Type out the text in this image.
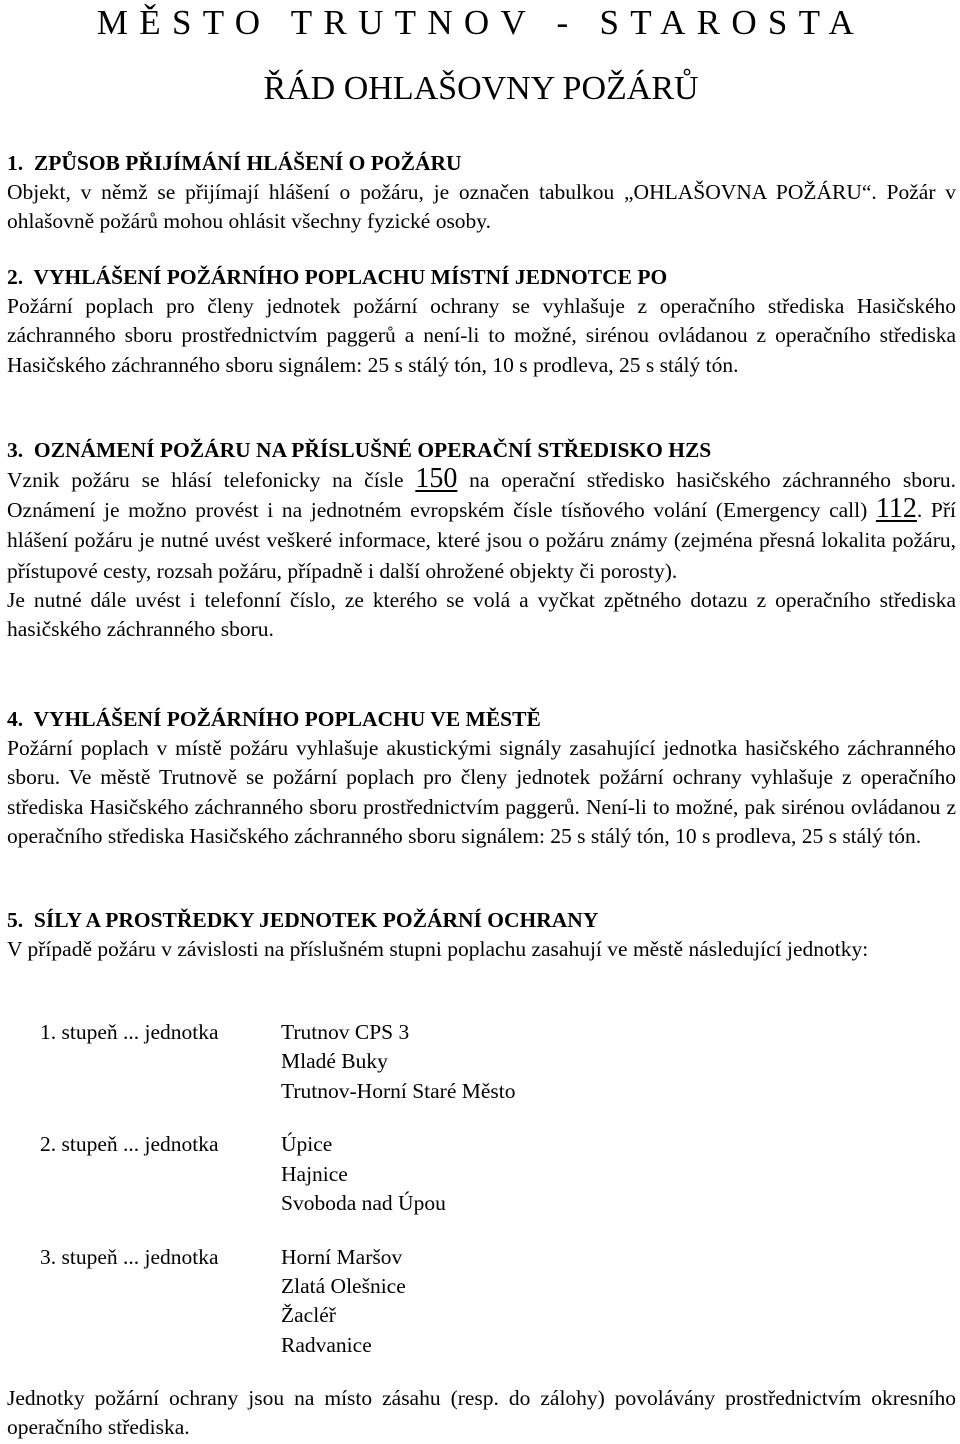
MĚSTO TRUTNOV - STAROSTA
ŘÁD OHLAŠOVNY POŽÁRŮ
1. ZPŮSOB PŘIJÍMÁNÍ HLÁŠENÍ O POŽÁRU

Objekt, v němž se přijímají hlášení o požáru, je označen tabulkou „OHLAŠOVNA POŽÁRU“. Požár v ohlašovně požárů mohou ohlásit všechny fyzické osoby.

2. VYHLÁŠENÍ POŽÁRNÍHO POPLACHU MÍSTNÍ JEDNOTCE PO

Požární poplach pro členy jednotek požární ochrany se vyhlašuje z operačního střediska Hasičského záchranného sboru prostřednictvím paggerů a není-li to možné, sirénou ovládanou z operačního střediska Hasičského záchranného sboru signálem: 25 s stálý tón, 10 s prodleva, 25 s stálý tón.

3. OZNÁMENÍ POŽÁRU NA PŘÍSLUŠNÉ OPERAČNÍ STŘEDISKO HZS

Vznik požáru se hlásí telefonicky na čísle 150 na operační středisko hasičského záchranného sboru. Oznámení je možno provést i na jednotném evropském čísle tísňového volání (Emergency call) 112. Pří hlášení požáru je nutné uvést veškeré informace, které jsou o požáru známy (zejména přesná lokalita požáru, přístupové cesty, rozsah požáru, případně i další ohrožené objekty či porosty).

Je nutné dále uvést i telefonní číslo, ze kterého se volá a vyčkat zpětného dotazu z operačního střediska hasičského záchranného sboru.

4. VYHLÁŠENÍ POŽÁRNÍHO POPLACHU VE MĚSTĚ

Požární poplach v místě požáru vyhlašuje akustickými signály zasahující jednotka hasičského záchranného sboru. Ve městě Trutnově se požární poplach pro členy jednotek požární ochrany vyhlašuje z operačního střediska Hasičského záchranného sboru prostřednictvím paggerů. Není-li to možné, pak sirénou ovládanou z operačního střediska Hasičského záchranného sboru signálem: 25 s stálý tón, 10 s prodleva, 25 s stálý tón.

5. SÍLY A PROSTŘEDKY JEDNOTEK POŽÁRNÍ OCHRANY

V případě požáru v závislosti na příslušném stupni poplachu zasahují ve městě následující jednotky:

1. stupeň ... jednotka	Trutnov CPS 3
Mladé Buky
Trutnov-Horní Staré Město
2. stupeň ... jednotka	Úpice
Hajnice
Svoboda nad Úpou
3. stupeň ... jednotka	Horní Maršov
Zlatá Olešnice
Žacléř
Radvanice

Jednotky požární ochrany jsou na místo zásahu (resp. do zálohy) povolávány prostřednictvím okresního operačního střediska.
